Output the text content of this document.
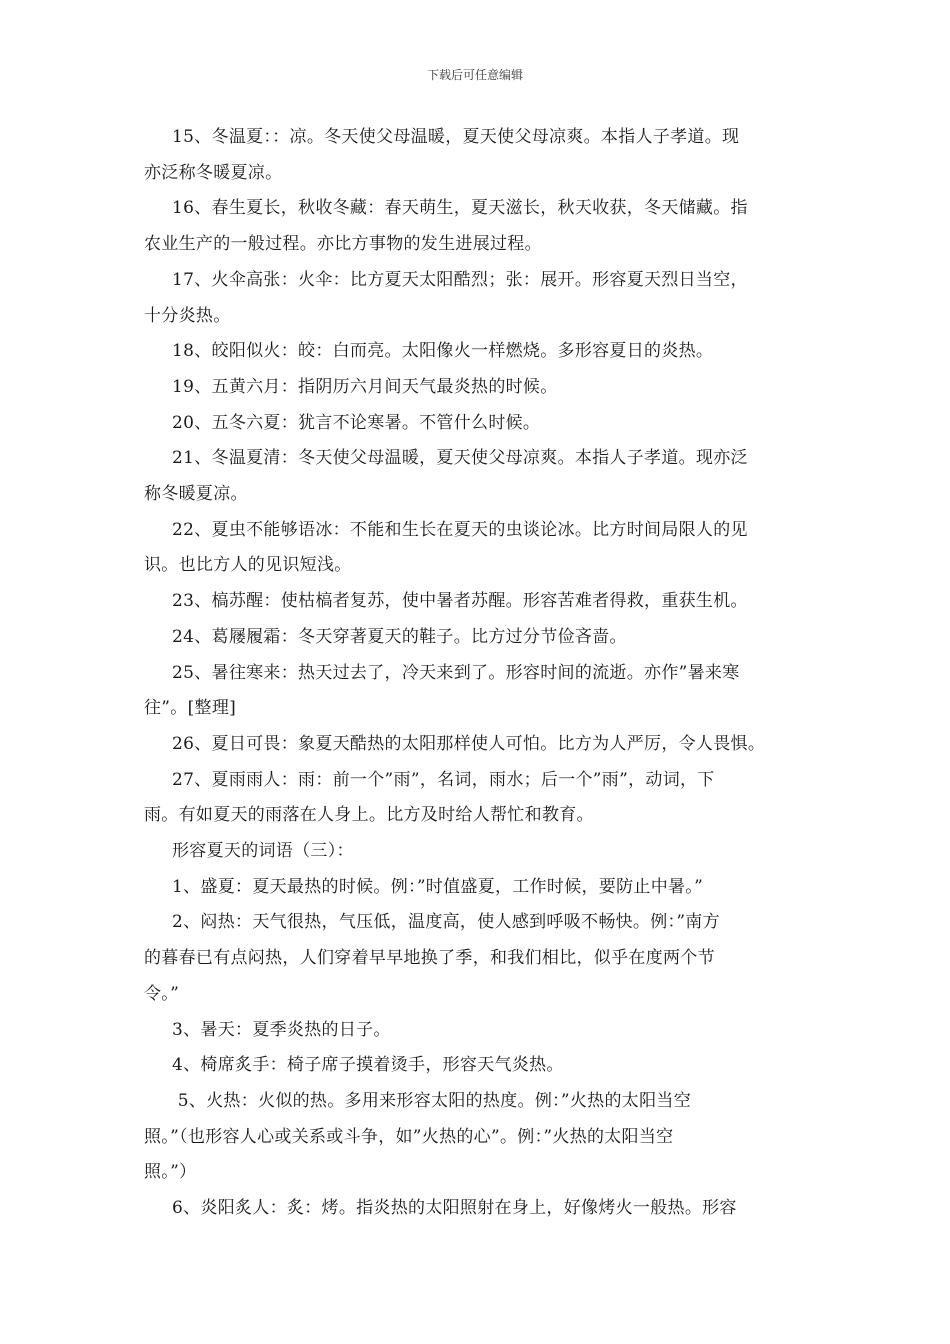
下载后可任意编辑

15、冬温夏：：凉。冬天使父母温暖，夏天使父母凉爽。本指人子孝道。现
亦泛称冬暖夏凉。

16、春生夏长，秋收冬藏：春天萌生，夏天滋长，秋天收获，冬天储藏。指
农业生产的一般过程。亦比方事物的发生进展过程。

17、火伞高张：火伞：比方夏天太阳酷烈；张：展开。形容夏天烈日当空，
十分炎热。

18、皎阳似火：皎：白而亮。太阳像火一样燃烧。多形容夏日的炎热。

19、五黄六月：指阴历六月间天气最炎热的时候。

20、五冬六夏：犹言不论寒暑。不管什么时候。

21、冬温夏清：冬天使父母温暖，夏天使父母凉爽。本指人子孝道。现亦泛
称冬暖夏凉。

22、夏虫不能够语冰：不能和生长在夏天的虫谈论冰。比方时间局限人的见
识。也比方人的见识短浅。

23、槁苏醒：使枯槁者复苏，使中暑者苏醒。形容苦难者得救，重获生机。

24、葛屦履霜：冬天穿著夏天的鞋子。比方过分节俭吝啬。

25、暑往寒来：热天过去了，冷天来到了。形容时间的流逝。亦作”暑来寒
往”。[整理]

26、夏日可畏：象夏天酷热的太阳那样使人可怕。比方为人严厉，令人畏惧。

27、夏雨雨人：雨：前一个”雨”，名词，雨水；后一个”雨”，动词，下
雨。有如夏天的雨落在人身上。比方及时给人帮忙和教育。

形容夏天的词语（三）：

1、盛夏：夏天最热的时候。例：”时值盛夏，工作时候，要防止中暑。”

2、闷热：天气很热，气压低，温度高，使人感到呼吸不畅快。例：”南方
的暮春已有点闷热，人们穿着早早地换了季，和我们相比，似乎在度两个节
令。”

3、暑天：夏季炎热的日子。

4、椅席炙手：椅子席子摸着烫手，形容天气炎热。

5、火热：火似的热。多用来形容太阳的热度。例：”火热的太阳当空
照。”（也形容人心或关系或斗争，如”火热的心”。例：”火热的太阳当空
照。”）

6、炎阳炙人：炙：烤。指炎热的太阳照射在身上，好像烤火一般热。形容
